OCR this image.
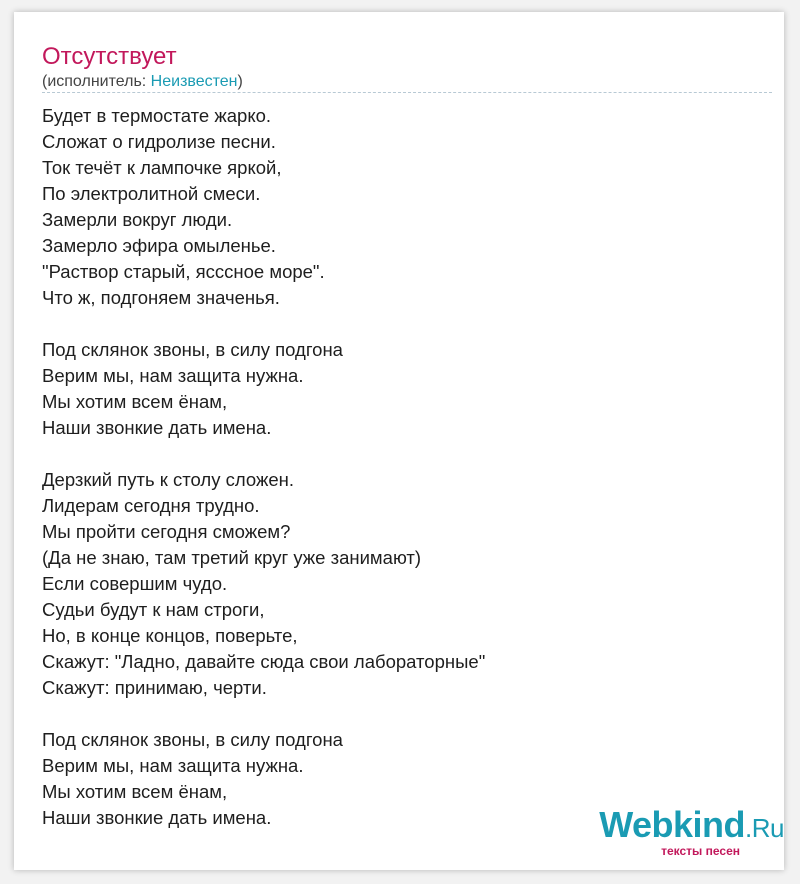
Отсутствует
(исполнитель: Неизвестен)
Будет в термостате жарко.
Сложат о гидролизе песни.
Ток течёт к лампочке яркой,
По электролитной смеси.
Замерли вокруг люди.
Замерло эфира омыленье.
"Раствор старый, ясссное море".
Что ж, подгоняем значенья.
Под склянок звоны, в силу подгона
Верим мы, нам защита нужна.
Мы хотим всем ёнам,
Наши звонкие дать имена.
Дерзкий путь к столу сложен.
Лидерам сегодня трудно.
Мы пройти сегодня сможем?
(Да не знаю, там третий круг уже занимают)
Если совершим чудо.
Судьи будут к нам строги,
Но, в конце концов, поверьте,
Скажут: "Ладно, давайте сюда свои лабораторные"
Скажут: принимаю, черти.
Под склянок звоны, в силу подгона
Верим мы, нам защита нужна.
Мы хотим всем ёнам,
Наши звонкие дать имена.	Webkind.Ru
тексты песен
